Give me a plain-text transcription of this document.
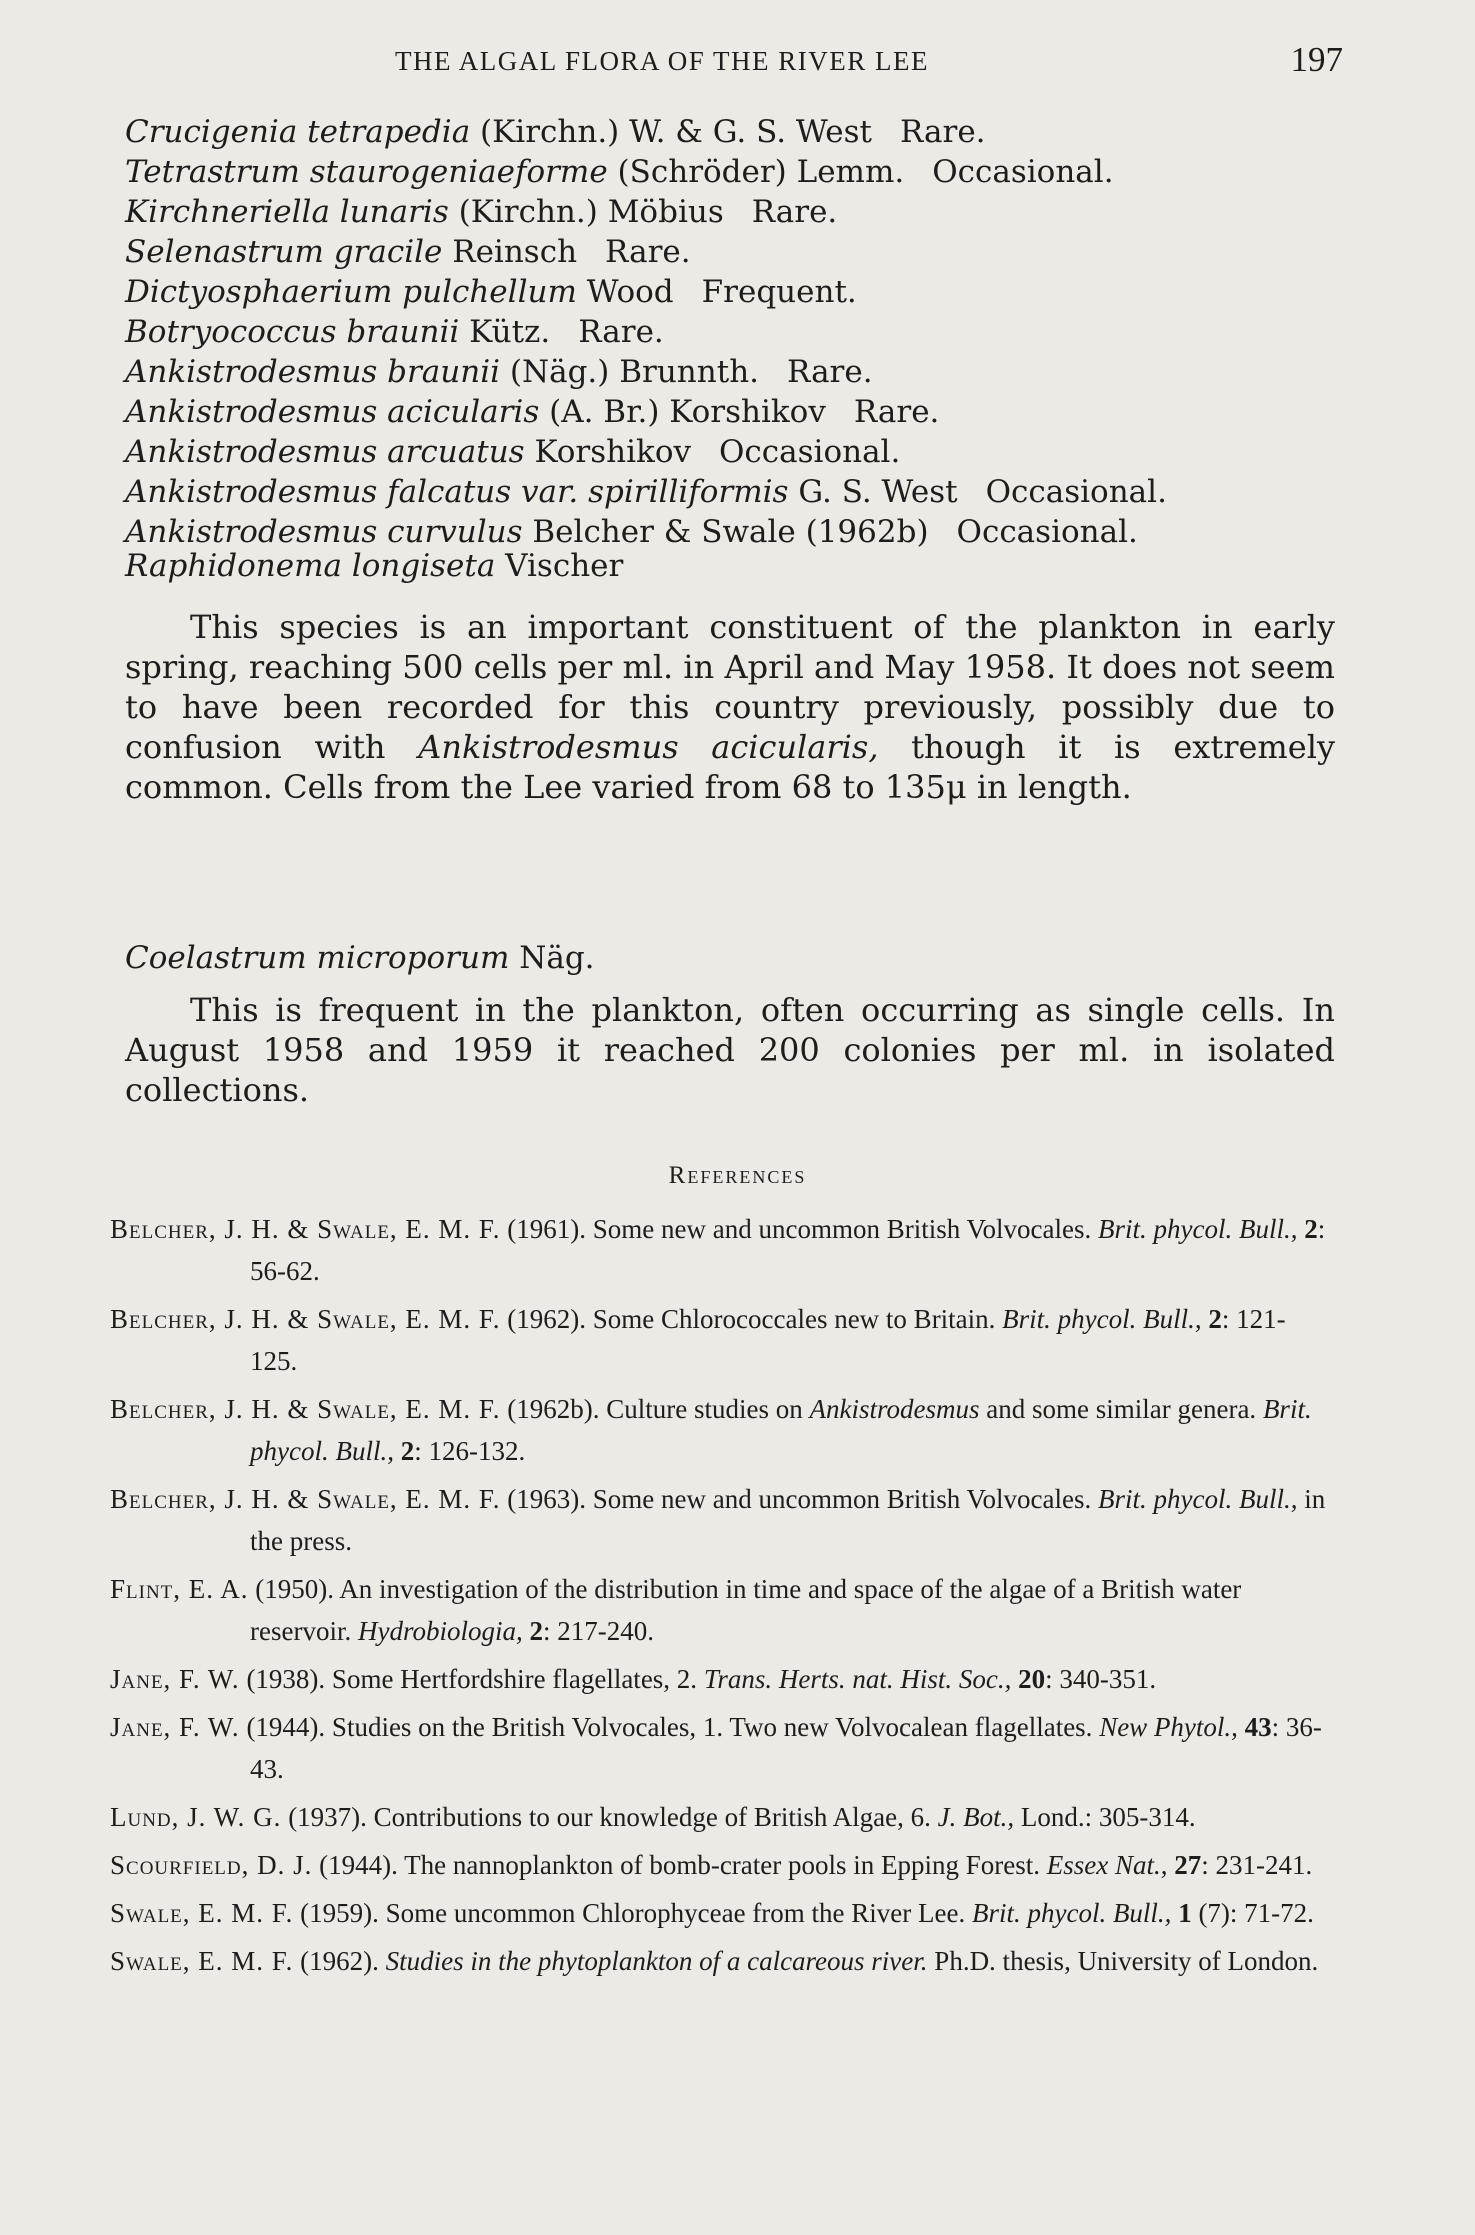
THE ALGAL FLORA OF THE RIVER LEE	197
Crucigenia tetrapedia (Kirchn.) W. & G. S. West Rare.
Tetrastrum staurogeniaeforme (Schröder) Lemm. Occasional.
Kirchneriella lunaris (Kirchn.) Möbius Rare.
Selenastrum gracile Reinsch Rare.
Dictyosphaerium pulchellum Wood Frequent.
Botryococcus braunii Kütz. Rare.
Ankistrodesmus braunii (Näg.) Brunnth. Rare.
Ankistrodesmus acicularis (A. Br.) Korshikov Rare.
Ankistrodesmus arcuatus Korshikov Occasional.
Ankistrodesmus falcatus var. spirilliformis G. S. West Occasional.
Ankistrodesmus curvulus Belcher & Swale (1962b) Occasional.
Raphidonema longiseta Vischer
This species is an important constituent of the plankton in early spring, reaching 500 cells per ml. in April and May 1958. It does not seem to have been recorded for this country previously, possibly due to confusion with Ankistrodesmus acicularis, though it is extremely common. Cells from the Lee varied from 68 to 135μ in length.
Coelastrum microporum Näg.
This is frequent in the plankton, often occurring as single cells. In August 1958 and 1959 it reached 200 colonies per ml. in isolated collections.
References
Belcher, J. H. & Swale, E. M. F. (1961). Some new and uncommon British Volvocales. Brit. phycol. Bull., 2: 56-62.
Belcher, J. H. & Swale, E. M. F. (1962). Some Chlorococcales new to Britain. Brit. phycol. Bull., 2: 121-125.
Belcher, J. H. & Swale, E. M. F. (1962b). Culture studies on Ankistrodesmus and some similar genera. Brit. phycol. Bull., 2: 126-132.
Belcher, J. H. & Swale, E. M. F. (1963). Some new and uncommon British Volvocales. Brit. phycol. Bull., in the press.
Flint, E. A. (1950). An investigation of the distribution in time and space of the algae of a British water reservoir. Hydrobiologia, 2: 217-240.
Jane, F. W. (1938). Some Hertfordshire flagellates, 2. Trans. Herts. nat. Hist. Soc., 20: 340-351.
Jane, F. W. (1944). Studies on the British Volvocales, 1. Two new Volvocalean flagellates. New Phytol., 43: 36-43.
Lund, J. W. G. (1937). Contributions to our knowledge of British Algae, 6. J. Bot., Lond.: 305-314.
Scourfield, D. J. (1944). The nannoplankton of bomb-crater pools in Epping Forest. Essex Nat., 27: 231-241.
Swale, E. M. F. (1959). Some uncommon Chlorophyceae from the River Lee. Brit. phycol. Bull., 1 (7): 71-72.
Swale, E. M. F. (1962). Studies in the phytoplankton of a calcareous river. Ph.D. thesis, University of London.
